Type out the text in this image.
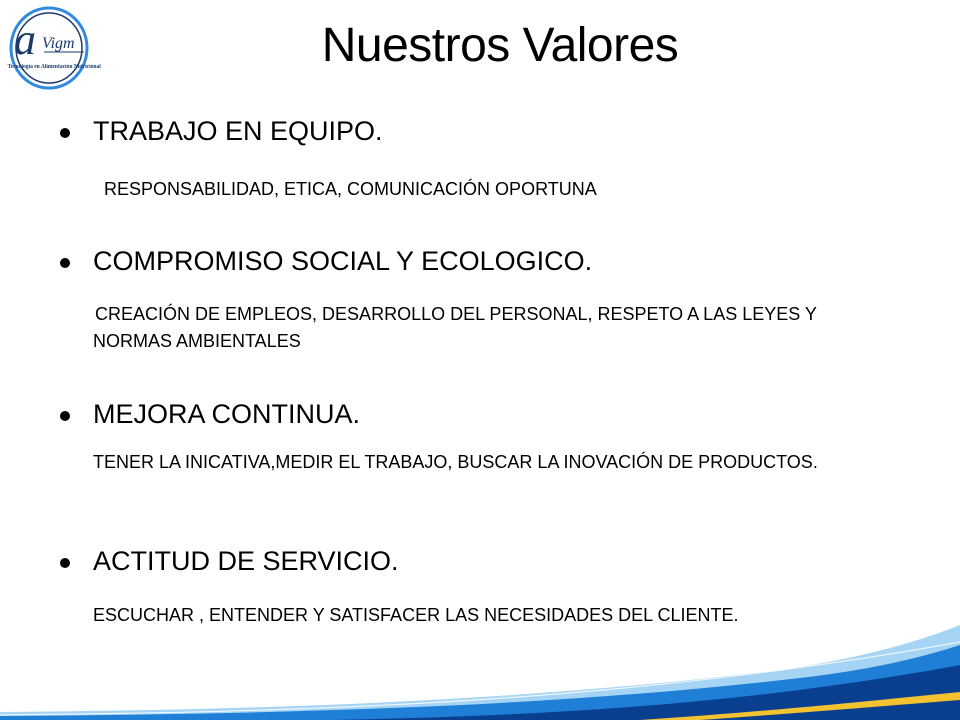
a Vigm
Tecnología en Alimentación Nutricional	Nuestros Valores
TRABAJO EN EQUIPO.
RESPONSABILIDAD, ETICA, COMUNICACIÓN OPORTUNA
COMPROMISO SOCIAL Y ECOLOGICO.
CREACIÓN DE EMPLEOS, DESARROLLO DEL PERSONAL, RESPETO A LAS LEYES Y NORMAS AMBIENTALES
MEJORA CONTINUA.
TENER LA INICATIVA,MEDIR EL TRABAJO, BUSCAR LA INOVACIÓN DE PRODUCTOS.
ACTITUD DE SERVICIO.
ESCUCHAR , ENTENDER Y SATISFACER LAS NECESIDADES DEL CLIENTE.
